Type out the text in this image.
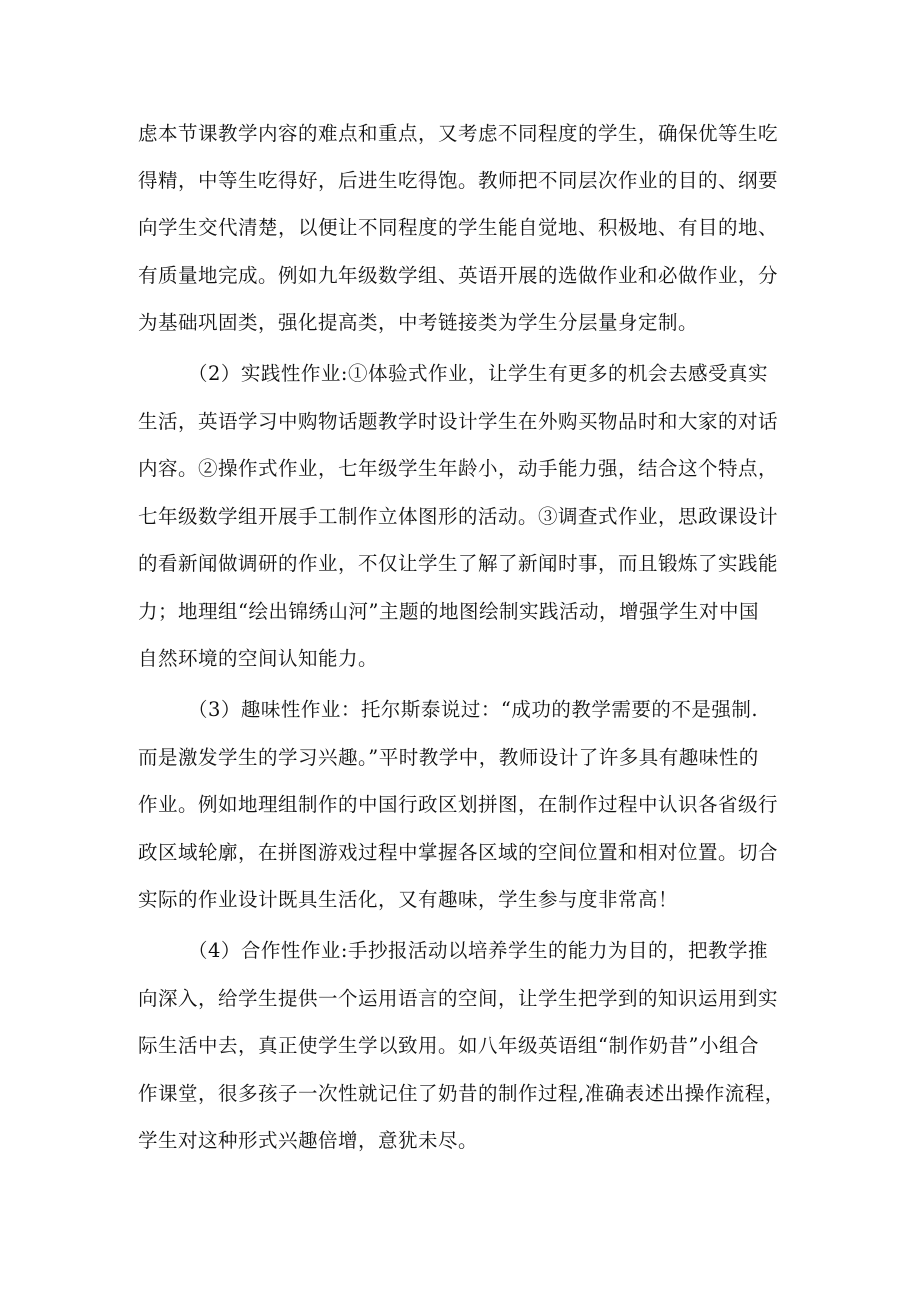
虑本节课教学内容的难点和重点，又考虑不同程度的学生，确保优等生吃
得精，中等生吃得好，后进生吃得饱。教师把不同层次作业的目的、纲要
向学生交代清楚，以便让不同程度的学生能自觉地、积极地、有目的地、
有质量地完成。例如九年级数学组、英语开展的选做作业和必做作业，分
为基础巩固类，强化提高类，中考链接类为学生分层量身定制。
（2）实践性作业:①体验式作业，让学生有更多的机会去感受真实
生活，英语学习中购物话题教学时设计学生在外购买物品时和大家的对话
内容。②操作式作业，七年级学生年龄小，动手能力强，结合这个特点，
七年级数学组开展手工制作立体图形的活动。③调查式作业，思政课设计
的看新闻做调研的作业，不仅让学生了解了新闻时事，而且锻炼了实践能
力；地理组“绘出锦绣山河”主题的地图绘制实践活动，增强学生对中国
自然环境的空间认知能力。
（3）趣味性作业：托尔斯泰说过：“成功的教学需要的不是强制.
而是激发学生的学习兴趣。”平时教学中，教师设计了许多具有趣味性的
作业。例如地理组制作的中国行政区划拼图，在制作过程中认识各省级行
政区域轮廓，在拼图游戏过程中掌握各区域的空间位置和相对位置。切合
实际的作业设计既具生活化，又有趣味，学生参与度非常高！
（4）合作性作业:手抄报活动以培养学生的能力为目的，把教学推
向深入，给学生提供一个运用语言的空间，让学生把学到的知识运用到实
际生活中去，真正使学生学以致用。如八年级英语组“制作奶昔”小组合
作课堂，很多孩子一次性就记住了奶昔的制作过程,准确表述出操作流程，
学生对这种形式兴趣倍增，意犹未尽。
